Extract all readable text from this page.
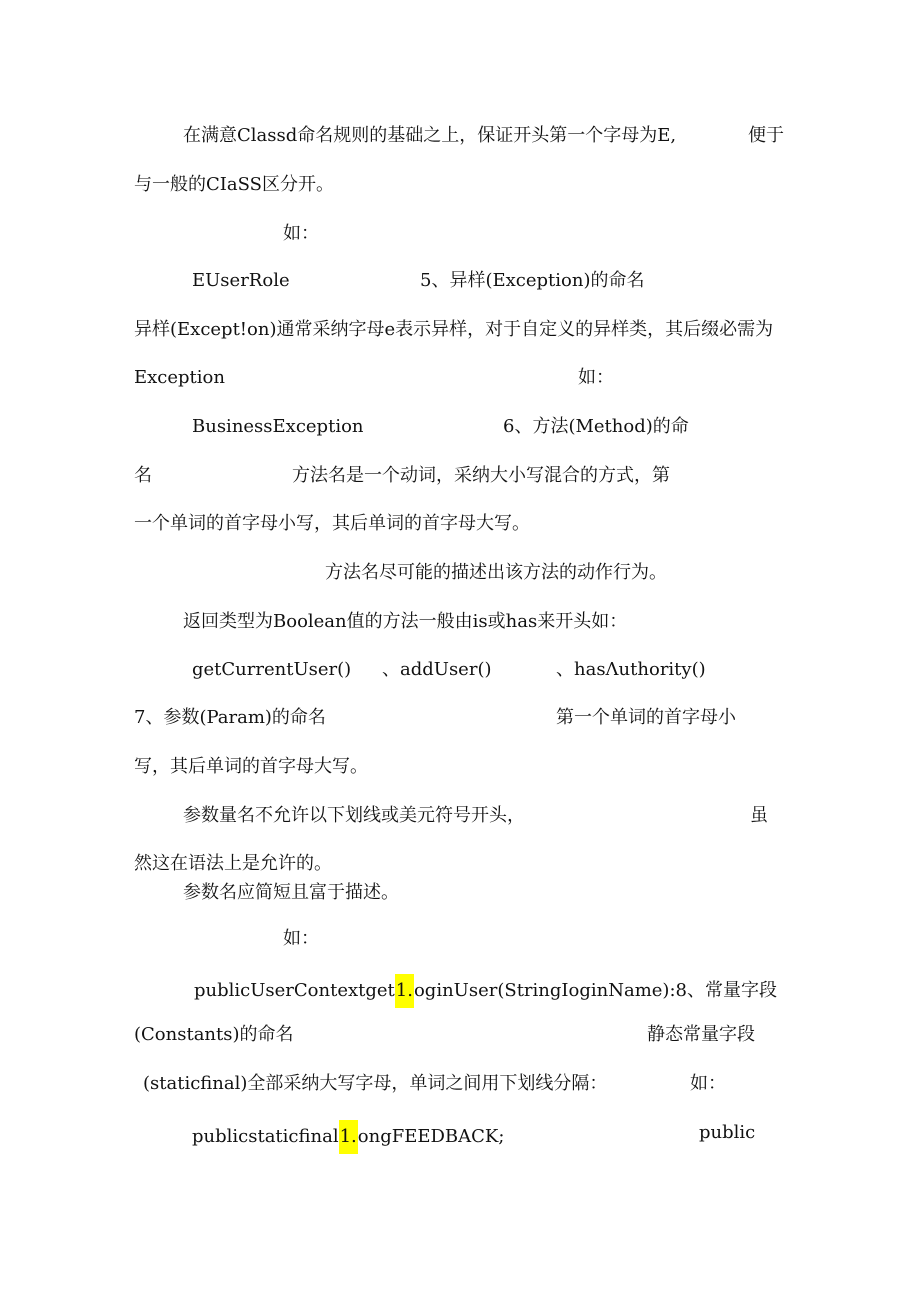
在满意Classd命名规则的基础之上，保证开头第一个字母为E,	便于
与一般的CIaSS区分开。
如：
EUserRole	5、异样(Exception)的命名
异样(Except!on)通常采纳字母e表示异样，对于自定义的异样类，其后缀必需为
Exception	如：
BusinessException	6、方法(Method)的命
名	方法名是一个动词，采纳大小写混合的方式，第
一个单词的首字母小写，其后单词的首字母大写。
方法名尽可能的描述出该方法的动作行为。
返回类型为Boolean值的方法一般由is或has来开头如：
getCurrentUser() 、addUser()	、hasΛuthority()
7、参数(Param)的命名	第一个单词的首字母小
写，其后单词的首字母大写。
参数量名不允许以下划线或美元符号开头，	虽
然这在语法上是允许的。
参数名应简短且富于描述。
如：
publicUserContextget1.oginUser(StringIoginName):8、常量字段
(Constants)的命名	静态常量字段
(staticfinal)全部采纳大写字母，单词之间用下划线分隔：	如：
publicstaticfinal1.ongFEEDBACK;	public
